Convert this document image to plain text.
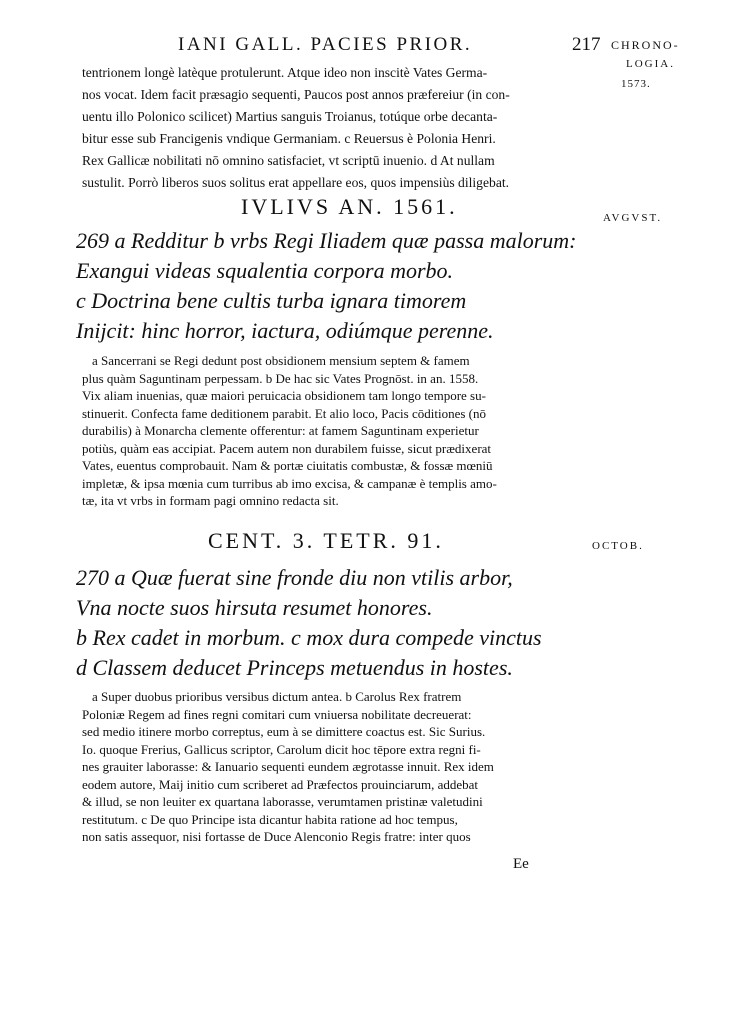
IANI GALL. PACIES PRIOR.	217 CHRONO-
LOGIA.
1573.
tentrionem longè latèque protulerunt. Atque ideo non inscitè Vates Germa-
nos vocat. Idem facit præsagio sequenti, Paucos post annos præfereiur (in con-
uentu illo Polonico scilicet) Martius sanguis Troianus, totúque orbe decanta-
bitur esse sub Francigenis vndique Germaniam. c Reuersus è Polonia Henri.
Rex Gallicæ nobilitati nō omnino satisfaciet, vt scriptū inuenio. d At nullam
sustulit. Porrò liberos suos solitus erat appellare eos, quos impensiùs diligebat.
IVLIVS AN. 1561.	AVGVST.
269 a Redditur b vrbs Regi Iliadem quæ passa malorum:
Exangui videas squalentia corpora morbo.
c Doctrina bene cultis turba ignara timorem
Inijcit: hinc horror, iactura, odiúmque perenne.
a Sancerrani se Regi dedunt post obsidionem mensium septem & famem
plus quàm Saguntinam perpessam. b De hac sic Vates Prognōst. in an. 1558.
Vix aliam inuenias, quæ maiori peruicacia obsidionem tam longo tempore su-
stinuerit. Confecta fame deditionem parabit. Et alio loco, Pacis cōditiones (nō
durabilis) à Monarcha clemente offerentur: at famem Saguntinam experietur
potiùs, quàm eas accipiat. Pacem autem non durabilem fuisse, sicut prædixerat
Vates, euentus comprobauit. Nam & portæ ciuitatis combustæ, & fossæ mœniū
impletæ, & ipsa mœnia cum turribus ab imo excisa, & campanæ è templis amo-
tæ, ita vt vrbs in formam pagi omnino redacta sit.
CENT. 3. TETR. 91.	OCTOB.
270 a Quæ fuerat sine fronde diu non vtilis arbor,
Vna nocte suos hirsuta resumet honores.
b Rex cadet in morbum. c mox dura compede vinctus
d Classem deducet Princeps metuendus in hostes.
a Super duobus prioribus versibus dictum antea. b Carolus Rex fratrem
Poloniæ Regem ad fines regni comitari cum vniuersa nobilitate decreuerat:
sed medio itinere morbo correptus, eum à se dimittere coactus est. Sic Surius.
Io. quoque Frerius, Gallicus scriptor, Carolum dicit hoc tēpore extra regni fi-
nes grauiter laborasse: & Ianuario sequenti eundem ægrotasse innuit. Rex idem
eodem autore, Maij initio cum scriberet ad Præfectos prouinciarum, addebat
& illud, se non leuiter ex quartana laborasse, verumtamen pristinæ valetudini
restitutum. c De quo Principe ista dicantur habita ratione ad hoc tempus,
non satis assequor, nisi fortasse de Duce Alenconio Regis fratre: inter quos
Ee
